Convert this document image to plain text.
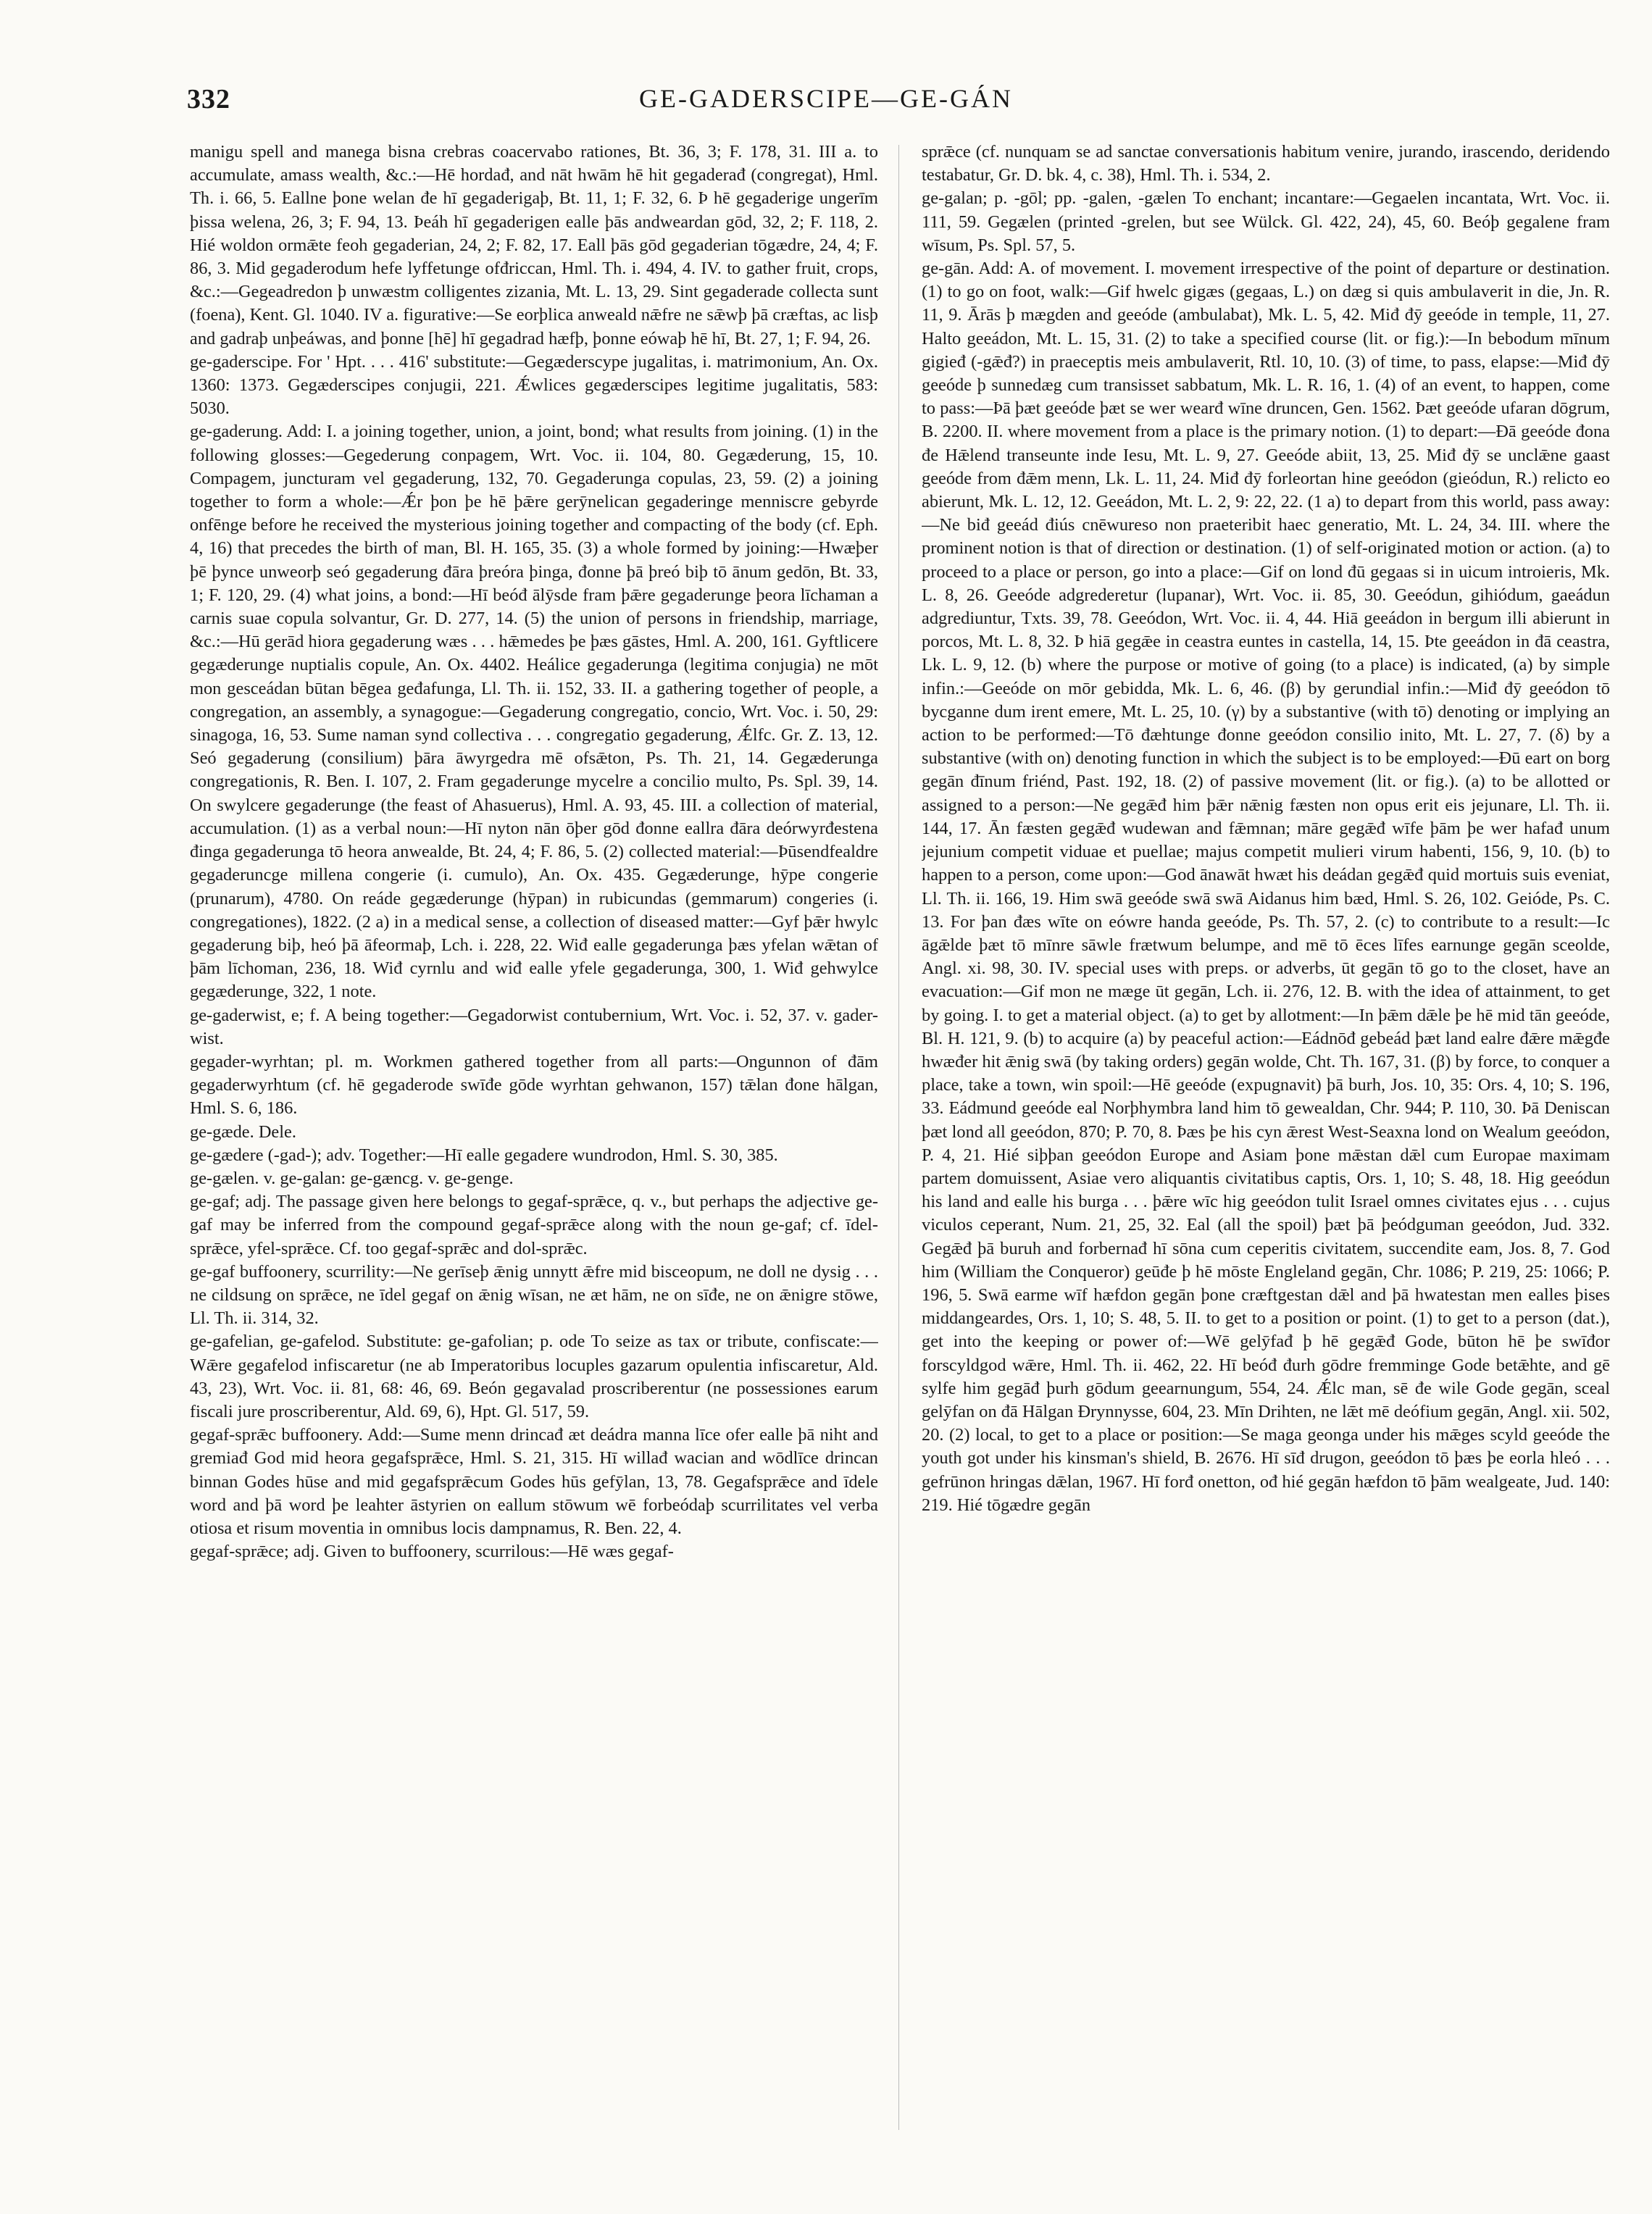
332	GE-GADERSCIPE—GE-GÁN

manigu spell and manega bisna crebras coacervabo rationes, Bt. 36, 3; F. 178, 31. III a. to accumulate, amass wealth, &c.:—Hē hordađ, and nāt hwām hē hit gegaderađ (congregat), Hml. Th. i. 66, 5. Eallne þone welan đe hī gegaderigaþ, Bt. 11, 1; F. 32, 6. Þ hē gegaderige ungerīm þissa welena, 26, 3; F. 94, 13. Þeáh hī gegaderigen ealle þās andweardan gōd, 32, 2; F. 118, 2. Hié woldon ormǣte feoh gegaderian, 24, 2; F. 82, 17. Eall þās gōd gegaderian tōgædre, 24, 4; F. 86, 3. Mid gegaderodum hefe lyffetunge ofđriccan, Hml. Th. i. 494, 4. IV. to gather fruit, crops, &c.:—Gegeadredon þ unwæstm colligentes zizania, Mt. L. 13, 29. Sint gegaderade collecta sunt (foena), Kent. Gl. 1040. IV a. figurative:—Se eorþlica anweald nǣfre ne sǣwþ þā cræftas, ac lisþ and gadraþ unþeáwas, and þonne [hē] hī gegadrad hæfþ, þonne eówaþ hē hī, Bt. 27, 1; F. 94, 26.

ge-gaderscipe. For ' Hpt. . . . 416' substitute:—Gegæderscype jugalitas, i. matrimonium, An. Ox. 1360: 1373. Gegæderscipes conjugii, 221. Ǽwlices gegæderscipes legitime jugalitatis, 583: 5030.

ge-gaderung. Add: I. a joining together, union, a joint, bond; what results from joining. (1) in the following glosses:—Gegederung conpagem, Wrt. Voc. ii. 104, 80. Gegæderung, 15, 10. Compagem, juncturam vel gegaderung, 132, 70. Gegaderunga copulas, 23, 59. (2) a joining together to form a whole:—Ǽr þon þe hē þǣre gerȳnelican gegaderinge menniscre gebyrde onfēnge before he received the mysterious joining together and compacting of the body (cf. Eph. 4, 16) that precedes the birth of man, Bl. H. 165, 35. (3) a whole formed by joining:—Hwæþer þē þynce unweorþ seó gegaderung đāra þreóra þinga, đonne þā þreó biþ tō ānum gedōn, Bt. 33, 1; F. 120, 29. (4) what joins, a bond:—Hī beóđ ālȳsde fram þǣre gegaderunge þeora līchaman a carnis suae copula solvantur, Gr. D. 277, 14. (5) the union of persons in friendship, marriage, &c.:—Hū gerād hiora gegaderung wæs . . . hǣmedes þe þæs gāstes, Hml. A. 200, 161. Gyftlicere gegæderunge nuptialis copule, An. Ox. 4402. Heálice gegaderunga (legitima conjugia) ne mōt mon gesceádan būtan bēgea geđafunga, Ll. Th. ii. 152, 33. II. a gathering together of people, a congregation, an assembly, a synagogue:—Gegaderung congregatio, concio, Wrt. Voc. i. 50, 29: sinagoga, 16, 53. Sume naman synd collectiva . . . congregatio gegaderung, Ǽlfc. Gr. Z. 13, 12. Seó gegaderung (consilium) þāra āwyrgedra mē ofsǣton, Ps. Th. 21, 14. Gegæderunga congregationis, R. Ben. I. 107, 2. Fram gegaderunge mycelre a concilio multo, Ps. Spl. 39, 14. On swylcere gegaderunge (the feast of Ahasuerus), Hml. A. 93, 45. III. a collection of material, accumulation. (1) as a verbal noun:—Hī nyton nān ōþer gōd đonne eallra đāra deórwyrđestena đinga gegaderunga tō heora anwealde, Bt. 24, 4; F. 86, 5. (2) collected material:—Þūsendfealdre gegaderuncge millena congerie (i. cumulo), An. Ox. 435. Gegæderunge, hȳpe congerie (prunarum), 4780. On reáde gegæderunge (hȳpan) in rubicundas (gemmarum) congeries (i. congregationes), 1822. (2 a) in a medical sense, a collection of diseased matter:—Gyf þǣr hwylc gegaderung biþ, heó þā āfeormaþ, Lch. i. 228, 22. Wiđ ealle gegaderunga þæs yfelan wǣtan of þām līchoman, 236, 18. Wiđ cyrnlu and wiđ ealle yfele gegaderunga, 300, 1. Wiđ gehwylce gegæderunge, 322, 1 note.

ge-gaderwist, e; f. A being together:—Gegadorwist contubernium, Wrt. Voc. i. 52, 37. v. gader-wist.

gegader-wyrhtan; pl. m. Workmen gathered together from all parts:—Ongunnon of đām gegaderwyrhtum (cf. hē gegaderode swīđe gōde wyrhtan gehwanon, 157) tǣlan đone hālgan, Hml. S. 6, 186.

ge-gæde. Dele.

ge-gædere (-gad-); adv. Together:—Hī ealle gegadere wundrodon, Hml. S. 30, 385.

ge-gælen. v. ge-galan: ge-gæncg. v. ge-genge.

ge-gaf; adj. The passage given here belongs to gegaf-sprǣce, q. v., but perhaps the adjective ge-gaf may be inferred from the compound gegaf-sprǣce along with the noun ge-gaf; cf. īdel-sprǣce, yfel-sprǣce. Cf. too gegaf-sprǣc and dol-sprǣc.

ge-gaf buffoonery, scurrility:—Ne gerīseþ ǣnig unnytt ǣfre mid bisceopum, ne doll ne dysig . . . ne cildsung on sprǣce, ne īdel gegaf on ǣnig wīsan, ne æt hām, ne on sīđe, ne on ǣnigre stōwe, Ll. Th. ii. 314, 32.

ge-gafelian, ge-gafelod. Substitute: ge-gafolian; p. ode To seize as tax or tribute, confiscate:—Wǣre gegafelod infiscaretur (ne ab Imperatoribus locuples gazarum opulentia infiscaretur, Ald. 43, 23), Wrt. Voc. ii. 81, 68: 46, 69. Beón gegavalad proscriberentur (ne possessiones earum fiscali jure proscriberentur, Ald. 69, 6), Hpt. Gl. 517, 59.

gegaf-sprǣc buffoonery. Add:—Sume menn drincađ æt deádra manna līce ofer ealle þā niht and gremiađ God mid heora gegafsprǣce, Hml. S. 21, 315. Hī willađ wacian and wōdlīce drincan binnan Godes hūse and mid gegafsprǣcum Godes hūs gefȳlan, 13, 78. Gegafsprǣce and īdele word and þā word þe leahter āstyrien on eallum stōwum wē forbeódaþ scurrilitates vel verba otiosa et risum moventia in omnibus locis dampnamus, R. Ben. 22, 4.

gegaf-sprǣce; adj. Given to buffoonery, scurrilous:—Hē wæs gegaf-

sprǣce (cf. nunquam se ad sanctae conversationis habitum venire, jurando, irascendo, deridendo testabatur, Gr. D. bk. 4, c. 38), Hml. Th. i. 534, 2.

ge-galan; p. -gōl; pp. -galen, -gælen To enchant; incantare:—Gegaelen incantata, Wrt. Voc. ii. 111, 59. Gegælen (printed -grelen, but see Wülck. Gl. 422, 24), 45, 60. Beóþ gegalene fram wīsum, Ps. Spl. 57, 5.

ge-gān. Add: A. of movement. I. movement irrespective of the point of departure or destination. (1) to go on foot, walk:—Gif hwelc gigæs (gegaas, L.) on dæg si quis ambulaverit in die, Jn. R. 11, 9. Ārās þ mægden and geeóde (ambulabat), Mk. L. 5, 42. Miđ đȳ geeóde in temple, 11, 27. Halto geeádon, Mt. L. 15, 31. (2) to take a specified course (lit. or fig.):—In bebodum mīnum gigieđ (-gǣđ?) in praeceptis meis ambulaverit, Rtl. 10, 10. (3) of time, to pass, elapse:—Miđ đȳ geeóde þ sunnedæg cum transisset sabbatum, Mk. L. R. 16, 1. (4) of an event, to happen, come to pass:—Þā þæt geeóde þæt se wer wearđ wīne druncen, Gen. 1562. Þæt geeóde ufaran dōgrum, B. 2200. II. where movement from a place is the primary notion. (1) to depart:—Đā geeóde đona đe Hǣlend transeunte inde Iesu, Mt. L. 9, 27. Geeóde abiit, 13, 25. Miđ đȳ se unclǣne gaast geeóde from đǣm menn, Lk. L. 11, 24. Miđ đȳ forleortan hine geeódon (gieódun, R.) relicto eo abierunt, Mk. L. 12, 12. Geeádon, Mt. L. 2, 9: 22, 22. (1 a) to depart from this world, pass away:—Ne biđ geeád điús cnēwureso non praeteribit haec generatio, Mt. L. 24, 34. III. where the prominent notion is that of direction or destination. (1) of self-originated motion or action. (a) to proceed to a place or person, go into a place:—Gif on lond đū gegaas si in uicum introieris, Mk. L. 8, 26. Geeóde adgrederetur (lupanar), Wrt. Voc. ii. 85, 30. Geeódun, gihiódum, gaeádun adgrediuntur, Txts. 39, 78. Geeódon, Wrt. Voc. ii. 4, 44. Hiā geeádon in bergum illi abierunt in porcos, Mt. L. 8, 32. Þ hiā gegǣe in ceastra euntes in castella, 14, 15. Þte geeádon in đā ceastra, Lk. L. 9, 12. (b) where the purpose or motive of going (to a place) is indicated, (a) by simple infin.:—Geeóde on mōr gebidda, Mk. L. 6, 46. (β) by gerundial infin.:—Miđ đȳ geeódon tō bycganne dum irent emere, Mt. L. 25, 10. (γ) by a substantive (with tō) denoting or implying an action to be performed:—Tō đæhtunge đonne geeódon consilio inito, Mt. L. 27, 7. (δ) by a substantive (with on) denoting function in which the subject is to be employed:—Đū eart on borg gegān đīnum friénd, Past. 192, 18. (2) of passive movement (lit. or fig.). (a) to be allotted or assigned to a person:—Ne gegǣđ him þǣr nǣnig fæsten non opus erit eis jejunare, Ll. Th. ii. 144, 17. Ān fæsten gegǣđ wudewan and fǣmnan; māre gegǣđ wīfe þām þe wer hafađ unum jejunium competit viduae et puellae; majus competit mulieri virum habenti, 156, 9, 10. (b) to happen to a person, come upon:—God ānawāt hwæt his deádan gegǣđ quid mortuis suis eveniat, Ll. Th. ii. 166, 19. Him swā geeóde swā swā Aidanus him bæd, Hml. S. 26, 102. Geióde, Ps. C. 13. For þan đæs wīte on eówre handa geeóde, Ps. Th. 57, 2. (c) to contribute to a result:—Ic āgǣlde þæt tō mīnre sāwle frætwum belumpe, and mē tō ēces līfes earnunge gegān sceolde, Angl. xi. 98, 30. IV. special uses with preps. or adverbs, ūt gegān tō go to the closet, have an evacuation:—Gif mon ne mæge ūt gegān, Lch. ii. 276, 12. B. with the idea of attainment, to get by going. I. to get a material object. (a) to get by allotment:—In þǣm dǣle þe hē mid tān geeóde, Bl. H. 121, 9. (b) to acquire (a) by peaceful action:—Eádnōđ gebeád þæt land ealre đǣre mǣgđe hwæđer hit ǣnig swā (by taking orders) gegān wolde, Cht. Th. 167, 31. (β) by force, to conquer a place, take a town, win spoil:—Hē geeóde (expugnavit) þā burh, Jos. 10, 35: Ors. 4, 10; S. 196, 33. Eádmund geeóde eal Norþhymbra land him tō gewealdan, Chr. 944; P. 110, 30. Þā Deniscan þæt lond all geeódon, 870; P. 70, 8. Þæs þe his cyn ǣrest West-Seaxna lond on Wealum geeódon, P. 4, 21. Hié siþþan geeódon Europe and Asiam þone mǣstan dǣl cum Europae maximam partem domuissent, Asiae vero aliquantis civitatibus captis, Ors. 1, 10; S. 48, 18. Hig geeódun his land and ealle his burga . . . þǣre wīc hig geeódon tulit Israel omnes civitates ejus . . . cujus viculos ceperant, Num. 21, 25, 32. Eal (all the spoil) þæt þā þeódguman geeódon, Jud. 332. Gegǣđ þā buruh and forbernađ hī sōna cum ceperitis civitatem, succendite eam, Jos. 8, 7. God him (William the Conqueror) geūđe þ hē mōste Engleland gegān, Chr. 1086; P. 219, 25: 1066; P. 196, 5. Swā earme wīf hæfdon gegān þone cræftgestan dǣl and þā hwatestan men ealles þises middangeardes, Ors. 1, 10; S. 48, 5. II. to get to a position or point. (1) to get to a person (dat.), get into the keeping or power of:—Wē gelȳfađ þ hē gegǣđ Gode, būton hē þe swīđor forscyldgod wǣre, Hml. Th. ii. 462, 22. Hī beóđ đurh gōdre fremminge Gode betǣhte, and gē sylfe him gegāđ þurh gōdum geearnungum, 554, 24. Ǽlc man, sē đe wile Gode gegān, sceal gelȳfan on đā Hālgan Đrynnysse, 604, 23. Mīn Drihten, ne lǣt mē deófium gegān, Angl. xii. 502, 20. (2) local, to get to a place or position:—Se maga geonga under his mǣges scyld geeóde the youth got under his kinsman's shield, B. 2676. Hī sīđ drugon, geeódon tō þæs þe eorla hleó . . . gefrūnon hringas dǣlan, 1967. Hī forđ onetton, ođ hié gegān hæfdon tō þām wealgeate, Jud. 140: 219. Hié tōgædre gegān
